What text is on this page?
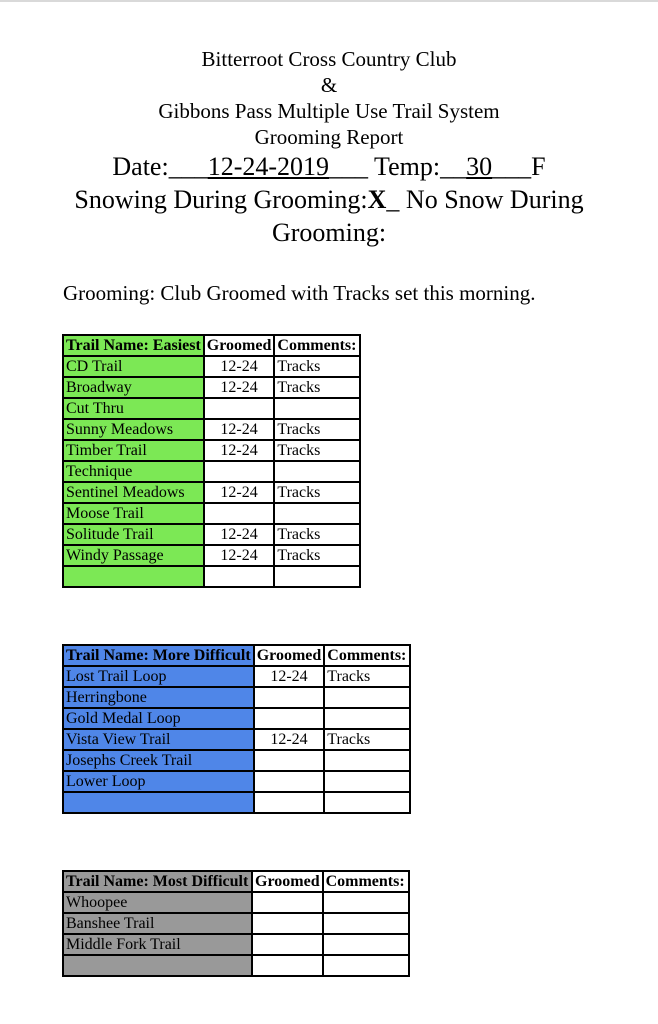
Bitterroot Cross Country Club
&
Gibbons Pass Multiple Use Trail System
Grooming Report
Date:___12-24-2019___ Temp:__30___F
Snowing During Grooming:X_ No Snow During Grooming:
Grooming: Club Groomed with Tracks set this morning.
Trail Name: Easiest	Groomed	Comments:
CD Trail	12-24	Tracks
Broadway	12-24	Tracks
Cut Thru		
Sunny Meadows	12-24	Tracks
Timber Trail	12-24	Tracks
Technique		
Sentinel Meadows	12-24	Tracks
Moose Trail		
Solitude Trail	12-24	Tracks
Windy Passage	12-24	Tracks

Trail Name: More Difficult	Groomed	Comments:
Lost Trail Loop	12-24	Tracks
Herringbone		
Gold Medal Loop		
Vista View Trail	12-24	Tracks
Josephs Creek Trail		
Lower Loop		

Trail Name: Most Difficult	Groomed	Comments:
Whoopee		
Banshee Trail		
Middle Fork Trail		
